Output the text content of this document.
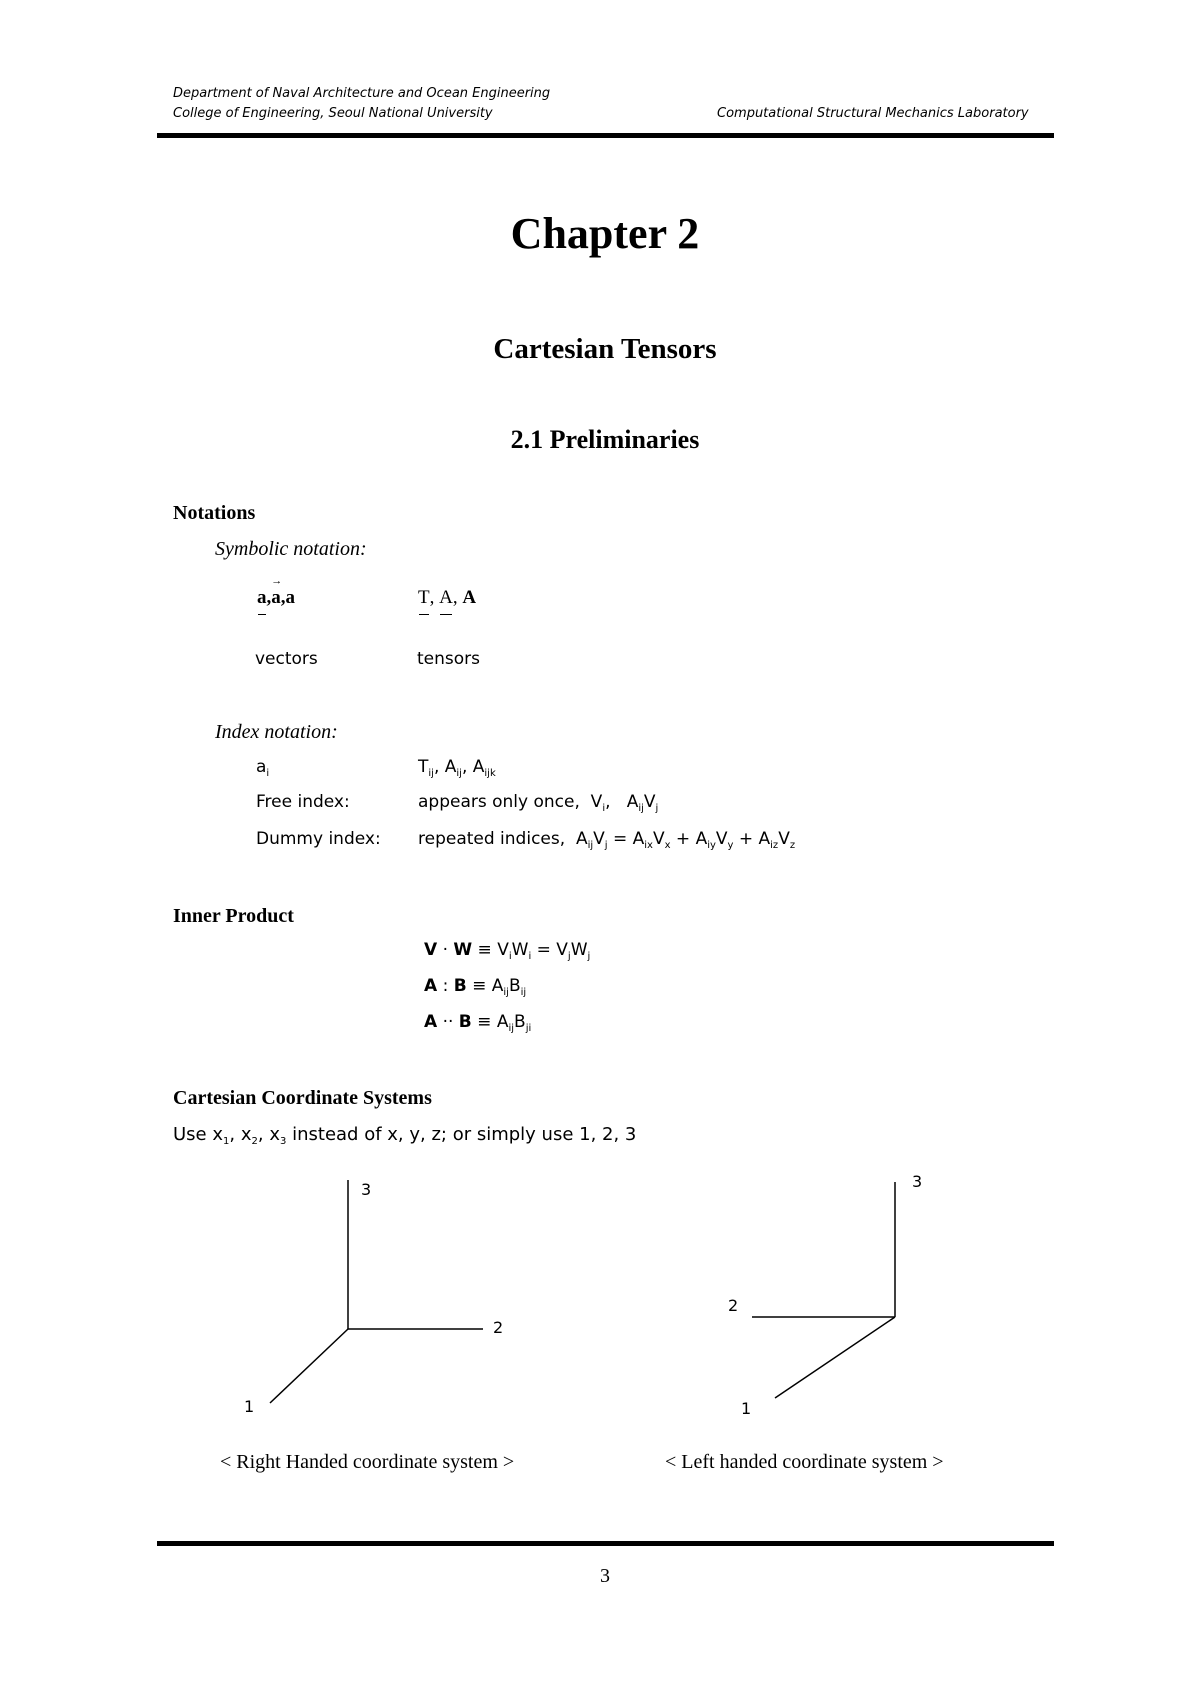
Department of Naval Architecture and Ocean Engineering
College of Engineering, Seoul National University	Computational Structural Mechanics Laboratory
Chapter 2
Cartesian Tensors
2.1 Preliminaries
Notations
Symbolic notation:
a,→ a,a	T, A, A
vectors	tensors
Index notation:
$a_i$	$T_{ij}$, $A_{ij}$, $A_{ijk}$
Free index:	appears only once,  $V_i$,   $A_{ij}V_j$
Dummy index: repeated indices,  $A_{ij}V_j = A_{ix}V_x + A_{iy}V_y + A_{iz}V_z$
Inner Product
$V \cdot W \equiv V_iW_i = V_jW_j$
A : $B \equiv A_{ij}B_{ij}$
$A \cdot\cdot B \equiv A_{ij}B_{ji}$
Cartesian Coordinate Systems
Use $x_1$, $x_2$, $x_3$ instead of x, y, z; or simply use 1, 2, 3
3
2
1
3
2
1
< Right Handed coordinate system >	< Left handed coordinate system >
3
